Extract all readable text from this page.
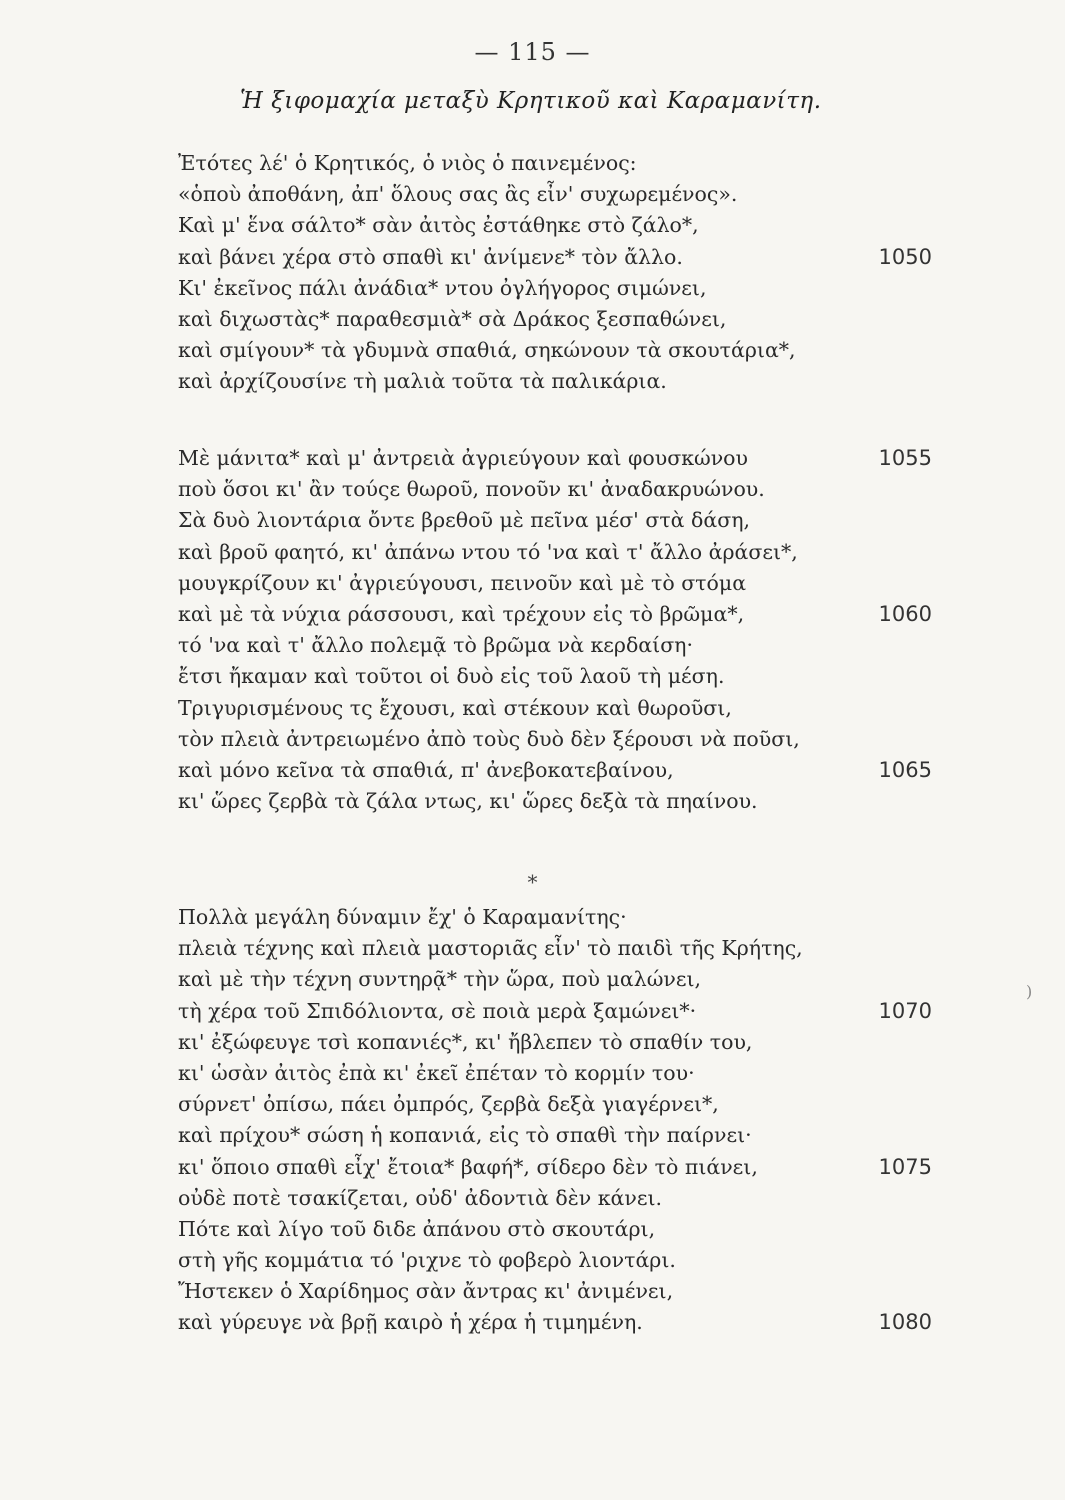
— 115 —
Ἡ ξιφομαχία μεταξὺ Κρητικοῦ καὶ Καραμανίτη.
Ἐτότες λέ' ὁ Κρητικός, ὁ νιὸς ὁ παινεμένος:
«ὁποὺ ἀποθάνη, ἀπ' ὅλους σας ἂς εἶν' συχωρεμένος».
Καὶ μ' ἕνα σάλτο* σὰν ἀιτὸς ἐστάθηκε στὸ ζάλο*,
καὶ βάνει χέρα στὸ σπαθὶ κι' ἀνίμενε* τὸν ἄλλο.	1050
Κι' ἐκεῖνος πάλι ἀνάδια* ντου ὀγλήγορος σιμώνει,
καὶ διχωστὰς* παραθεσμιὰ* σὰ Δράκος ξεσπαθώνει,
καὶ σμίγουν* τὰ γδυμνὰ σπαθιά, σηκώνουν τὰ σκουτάρια*,
καὶ ἀρχίζουσίνε τὴ μαλιὰ τοῦτα τὰ παλικάρια.
Μὲ μάνιτα* καὶ μ' ἀντρειὰ ἀγριεύγουν καὶ φουσκώνου	1055
ποὺ ὅσοι κι' ἂν τούςε θωροῦ, πονοῦν κι' ἀναδακρυώνου.
Σὰ δυὸ λιοντάρια ὄντε βρεθοῦ μὲ πεῖνα μέσ' στὰ δάση,
καὶ βροῦ φαητό, κι' ἀπάνω ντου τό 'να καὶ τ' ἄλλο ἀράσει*,
μουγκρίζουν κι' ἀγριεύγουσι, πεινοῦν καὶ μὲ τὸ στόμα
καὶ μὲ τὰ νύχια ράσσουσι, καὶ τρέχουν εἰς τὸ βρῶμα*,	1060
τό 'να καὶ τ' ἄλλο πολεμᾷ τὸ βρῶμα νὰ κερδαίση·
ἔτσι ἤκαμαν καὶ τοῦτοι οἱ δυὸ εἰς τοῦ λαοῦ τὴ μέση.
Τριγυρισμένους τς ἔχουσι, καὶ στέκουν καὶ θωροῦσι,
τὸν πλειὰ ἀντρειωμένο ἀπὸ τοὺς δυὸ δὲν ξέρουσι νὰ ποῦσι,
καὶ μόνο κεῖνα τὰ σπαθιά, π' ἀνεβοκατεβαίνου,	1065
κι' ὥρες ζερβὰ τὰ ζάλα ντως, κι' ὥρες δεξὰ τὰ πηαίνου.
*
Πολλὰ μεγάλη δύναμιν ἔχ' ὁ Καραμανίτης·
πλειὰ τέχνης καὶ πλειὰ μαστοριᾶς εἶν' τὸ παιδὶ τῆς Κρήτης,
καὶ μὲ τὴν τέχνη συντηρᾷ* τὴν ὥρα, ποὺ μαλώνει,
τὴ χέρα τοῦ Σπιδόλιοντα, σὲ ποιὰ μερὰ ξαμώνει*·	1070
κι' ἐξώφευγε τσὶ κοπανιές*, κι' ἤβλεπεν τὸ σπαθίν του,
κι' ὡσὰν ἀιτὸς ἐπὰ κι' ἐκεῖ ἐπέταν τὸ κορμίν του·
σύρνετ' ὀπίσω, πάει ὀμπρός, ζερβὰ δεξὰ γιαγέρνει*,
καὶ πρίχου* σώση ἡ κοπανιά, εἰς τὸ σπαθὶ τὴν παίρνει·
κι' ὅποιο σπαθὶ εἶχ' ἔτοια* βαφή*, σίδερο δὲν τὸ πιάνει,	1075
οὐδὲ ποτὲ τσακίζεται, οὐδ' ἀδοντιὰ δὲν κάνει.
Πότε καὶ λίγο τοῦ διδε ἀπάνου στὸ σκουτάρι,
στὴ γῆς κομμάτια τό 'ριχνε τὸ φοβερὸ λιοντάρι.
Ἤστεκεν ὁ Χαρίδημος σὰν ἄντρας κι' ἀνιμένει,
καὶ γύρευγε νὰ βρῇ καιρὸ ἡ χέρα ἡ τιμημένη.	1080
)
